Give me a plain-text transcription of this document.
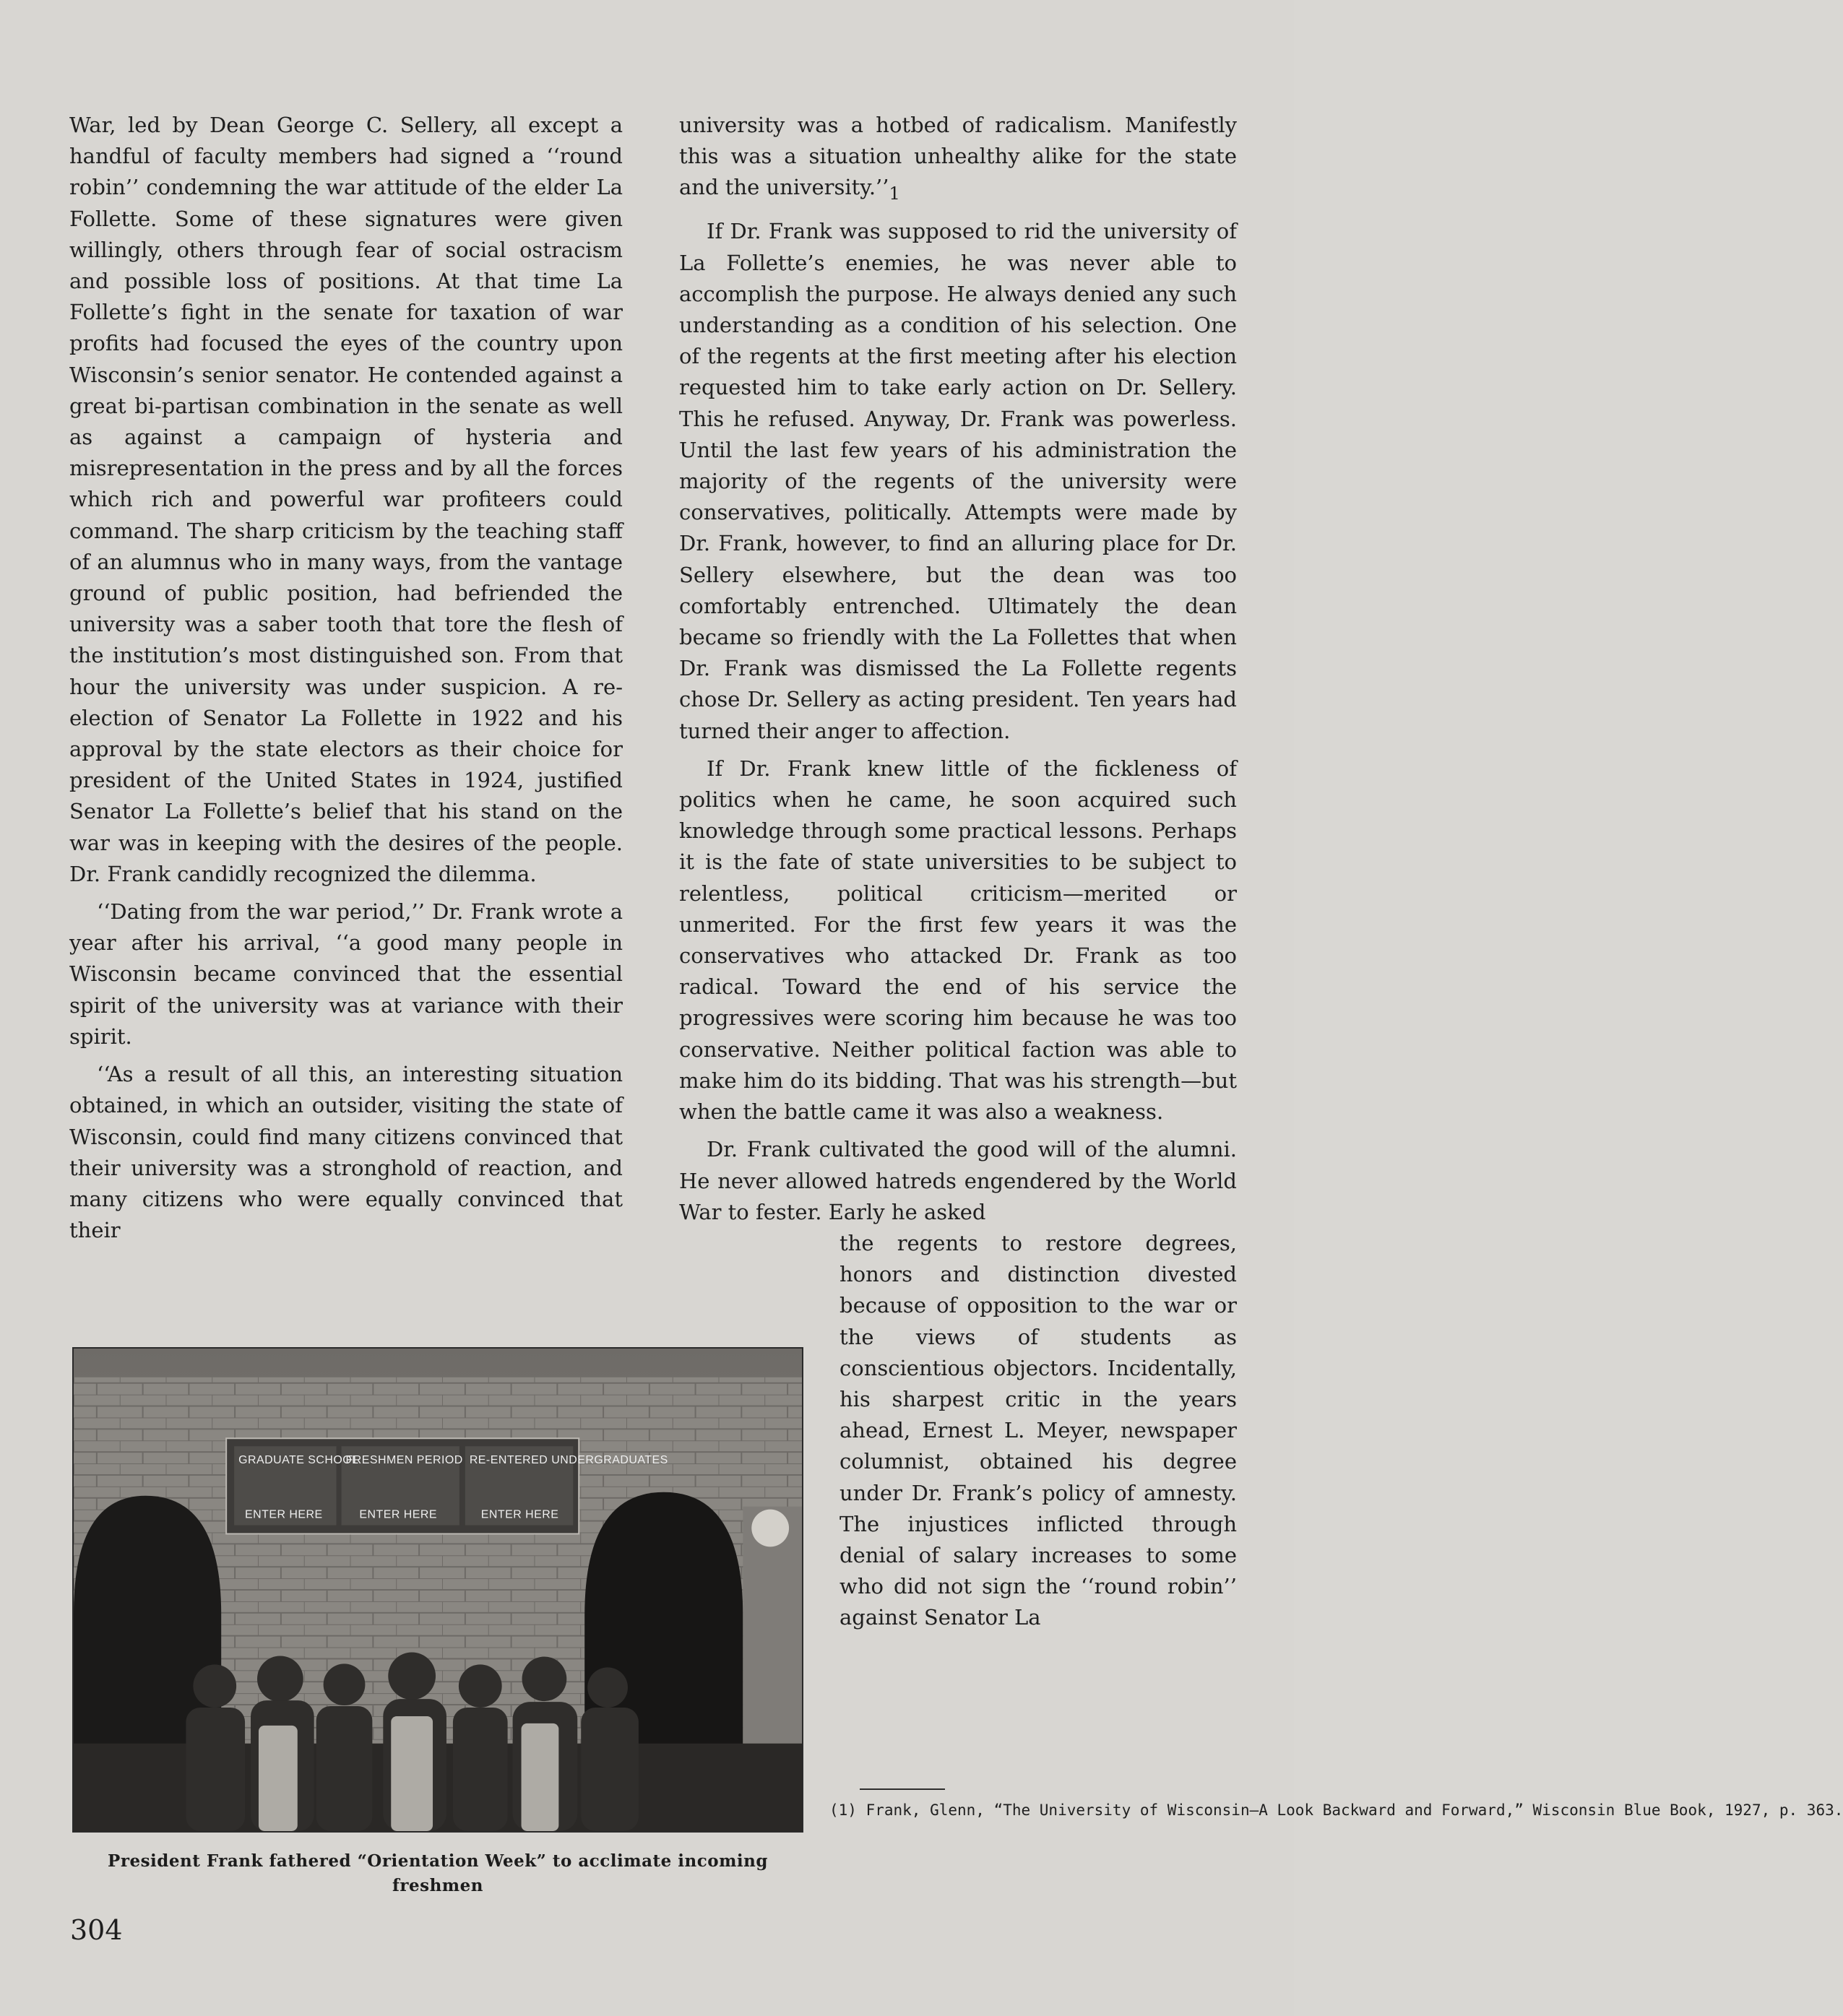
War, led by Dean George C. Sellery, all except a handful of faculty members had signed a ‘‘round robin’’ condemning the war attitude of the elder La Follette. Some of these signatures were given willingly, others through fear of social ostracism and possible loss of positions. At that time La Follette’s fight in the senate for taxation of war profits had focused the eyes of the country upon Wisconsin’s senior senator. He contended against a great bi-partisan combination in the senate as well as against a campaign of hysteria and misrepresentation in the press and by all the forces which rich and powerful war profiteers could command. The sharp criticism by the teaching staff of an alumnus who in many ways, from the vantage ground of public position, had befriended the university was a saber tooth that tore the flesh of the institution’s most distinguished son. From that hour the university was under suspicion. A re-election of Senator La Follette in 1922 and his approval by the state electors as their choice for president of the United States in 1924, justified Senator La Follette’s belief that his stand on the war was in keeping with the desires of the people. Dr. Frank candidly recognized the dilemma.

‘‘Dating from the war period,’’ Dr. Frank wrote a year after his arrival, ‘‘a good many people in Wisconsin became convinced that the essential spirit of the university was at variance with their spirit.

‘‘As a result of all this, an interesting situation obtained, in which an outsider, visiting the state of Wisconsin, could find many citizens convinced that their university was a stronghold of reaction, and many citizens who were equally convinced that their

university was a hotbed of radicalism. Manifestly this was a situation unhealthy alike for the state and the $university.’’_1$

If Dr. Frank was supposed to rid the university of La Follette’s enemies, he was never able to accomplish the purpose. He always denied any such understanding as a condition of his selection. One of the regents at the first meeting after his election requested him to take early action on Dr. Sellery. This he refused. Anyway, Dr. Frank was powerless. Until the last few years of his administration the majority of the regents of the university were conservatives, politically. Attempts were made by Dr. Frank, however, to find an alluring place for Dr. Sellery elsewhere, but the dean was too comfortably entrenched. Ultimately the dean became so friendly with the La Follettes that when Dr. Frank was dismissed the La Follette regents chose Dr. Sellery as acting president. Ten years had turned their anger to affection.

If Dr. Frank knew little of the fickleness of politics when he came, he soon acquired such knowledge through some practical lessons. Perhaps it is the fate of state universities to be subject to relentless, political criticism—merited or unmerited. For the first few years it was the conservatives who attacked Dr. Frank as too radical. Toward the end of his service the progressives were scoring him because he was too conservative. Neither political faction was able to make him do its bidding. That was his strength—but when the battle came it was also a weakness.

Dr. Frank cultivated the good will of the alumni. He never allowed hatreds engendered by the World War to fester. Early he asked

the regents to restore degrees, honors and distinction divested because of opposition to the war or the views of students as conscientious objectors. Incidentally, his sharpest critic in the years ahead, Ernest L. Meyer, newspaper columnist, obtained his degree under Dr. Frank’s policy of amnesty. The injustices inflicted through denial of salary increases to some who did not sign the ‘‘round robin’’ against Senator La

GRADUATE SCHOOL
FRESHMEN PERIOD RE-ENTERED UNDERGRADUATES
ENTER HERE	ENTER HERE	ENTER HERE
President Frank fathered “Orientation Week” to acclimate incoming freshmen
(1) Frank, Glenn, “The University of Wisconsin—A Look Backward and Forward,” Wisconsin Blue Book, 1927, p. 363.
304
